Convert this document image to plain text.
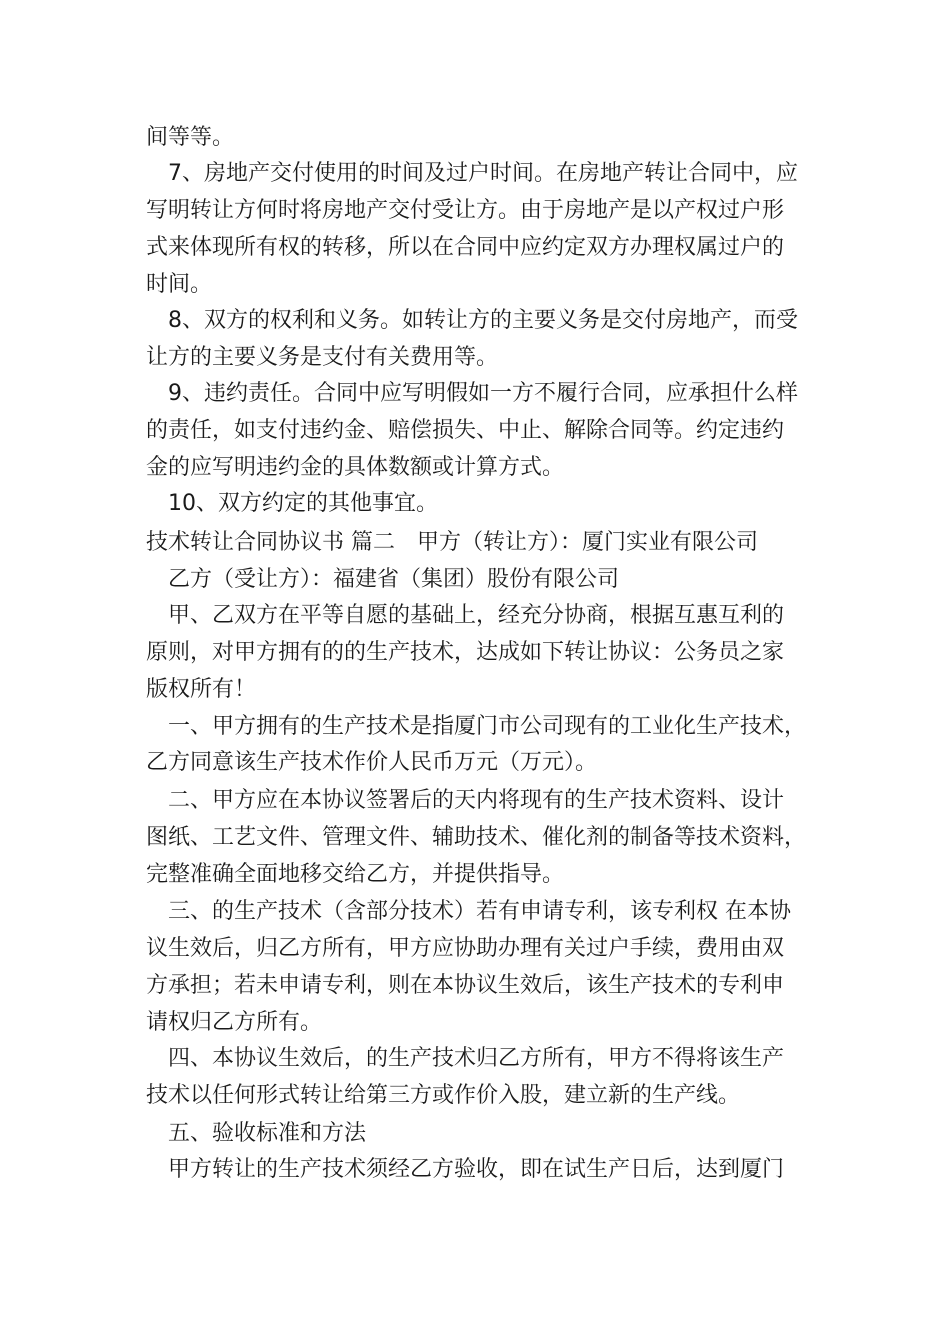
间等等。
7、房地产交付使用的时间及过户时间。在房地产转让合同中，应
写明转让方何时将房地产交付受让方。由于房地产是以产权过户形
式来体现所有权的转移，所以在合同中应约定双方办理权属过户的
时间。
8、双方的权利和义务。如转让方的主要义务是交付房地产，而受
让方的主要义务是支付有关费用等。
9、违约责任。合同中应写明假如一方不履行合同，应承担什么样
的责任，如支付违约金、赔偿损失、中止、解除合同等。约定违约
金的应写明违约金的具体数额或计算方式。
10、双方约定的其他事宜。
技术转让合同协议书 篇二　甲方（转让方）：厦门实业有限公司
乙方（受让方）：福建省（集团）股份有限公司
甲、乙双方在平等自愿的基础上，经充分协商，根据互惠互利的
原则，对甲方拥有的的生产技术，达成如下转让协议：公务员之家
版权所有！
一、甲方拥有的生产技术是指厦门市公司现有的工业化生产技术，
乙方同意该生产技术作价人民币万元（万元）。
二、甲方应在本协议签署后的天内将现有的生产技术资料、设计
图纸、工艺文件、管理文件、辅助技术、催化剂的制备等技术资料，
完整准确全面地移交给乙方，并提供指导。
三、的生产技术（含部分技术）若有申请专利，该专利权 在本协
议生效后，归乙方所有，甲方应协助办理有关过户手续，费用由双
方承担；若未申请专利，则在本协议生效后，该生产技术的专利申
请权归乙方所有。
四、本协议生效后，的生产技术归乙方所有，甲方不得将该生产
技术以任何形式转让给第三方或作价入股，建立新的生产线。
五、验收标准和方法
甲方转让的生产技术须经乙方验收，即在试生产日后，达到厦门
